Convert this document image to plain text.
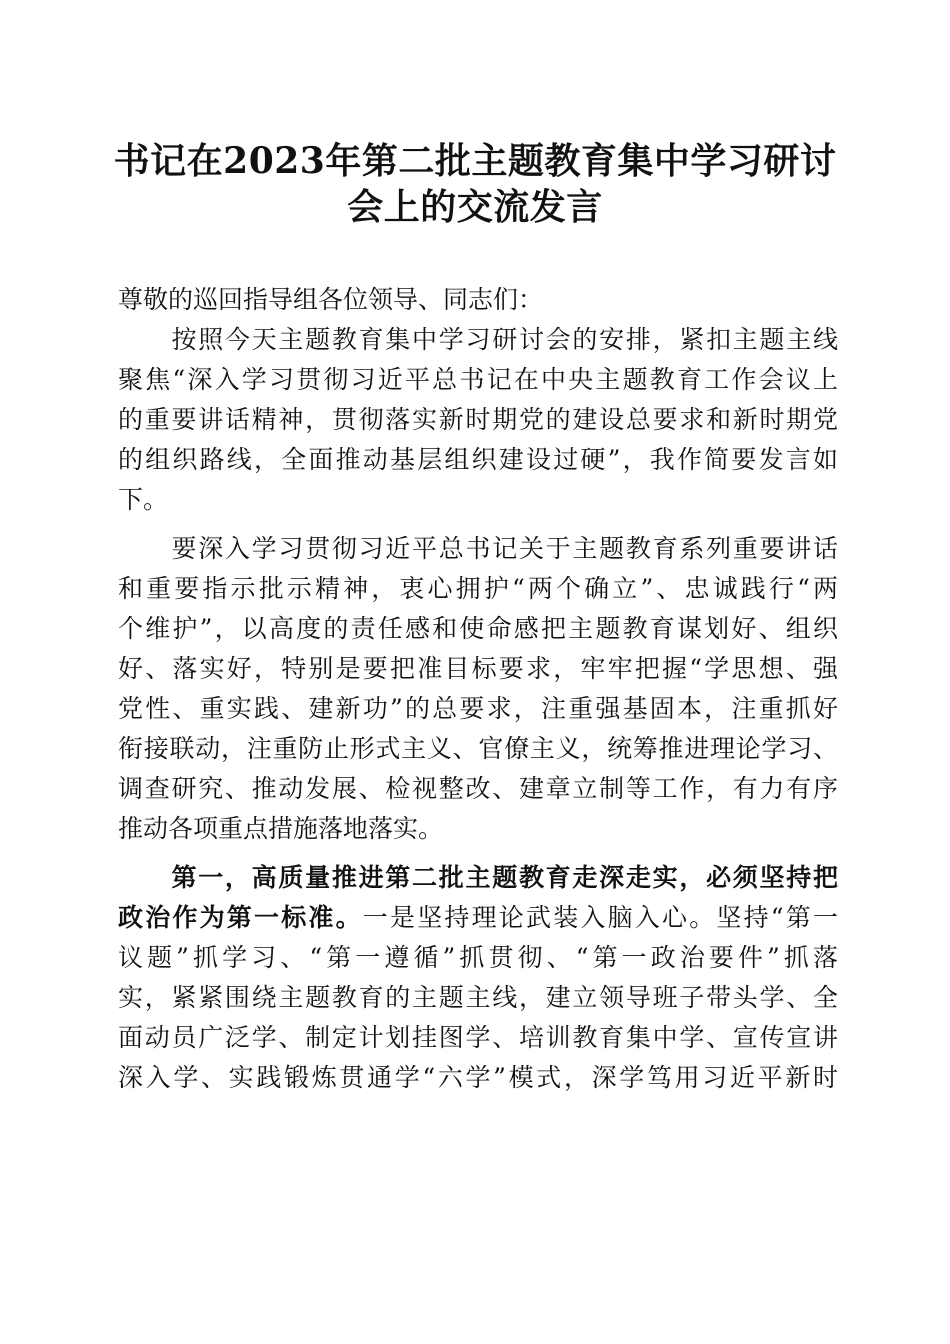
书记在2023年第二批主题教育集中学习研讨
会上的交流发言
尊敬的巡回指导组各位领导、同志们：
　　按照今天主题教育集中学习研讨会的安排，紧扣主题主线
聚焦“深入学习贯彻习近平总书记在中央主题教育工作会议上
的重要讲话精神，贯彻落实新时期党的建设总要求和新时期党
的组织路线，全面推动基层组织建设过硬”，我作简要发言如
下。
　　要深入学习贯彻习近平总书记关于主题教育系列重要讲话
和重要指示批示精神，衷心拥护“两个确立”、忠诚践行“两
个维护”，以高度的责任感和使命感把主题教育谋划好、组织
好、落实好，特别是要把准目标要求，牢牢把握“学思想、强
党性、重实践、建新功”的总要求，注重强基固本，注重抓好
衔接联动，注重防止形式主义、官僚主义，统筹推进理论学习、
调查研究、推动发展、检视整改、建章立制等工作，有力有序
推动各项重点措施落地落实。
　　第一，高质量推进第二批主题教育走深走实，必须坚持把
政治作为第一标准。一是坚持理论武装入脑入心。坚持“第一
议题”抓学习、“第一遵循”抓贯彻、“第一政治要件”抓落
实，紧紧围绕主题教育的主题主线，建立领导班子带头学、全
面动员广泛学、制定计划挂图学、培训教育集中学、宣传宣讲
深入学、实践锻炼贯通学“六学”模式，深学笃用习近平新时
